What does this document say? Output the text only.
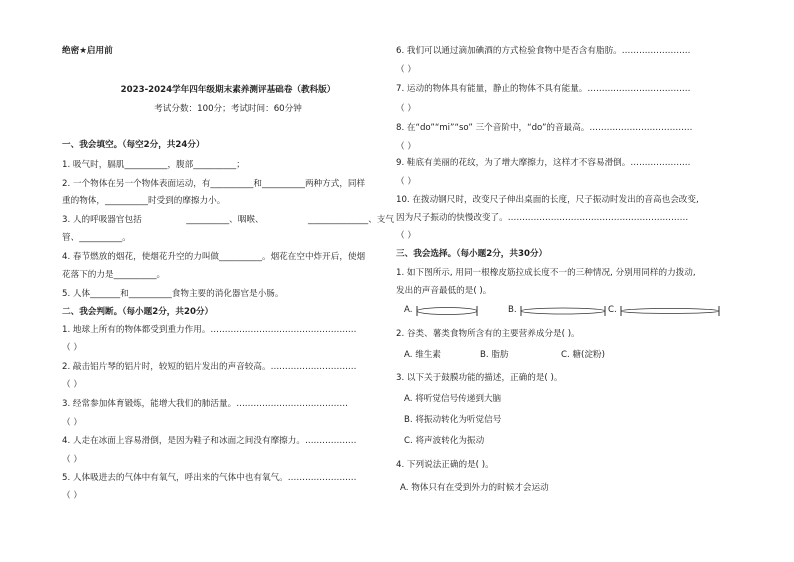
绝密★启用前
2023-2024学年四年级期末素养测评基础卷（教科版）
考试分数：100分；考试时间：60分钟
一、我会填空。（每空2分，共24分）
1. 吸气时，膈肌__________，腹部__________；
2. 一个物体在另一个物体表面运动，有__________和__________两种方式，同样
重的物体，__________时受到的摩擦力小。
3. 人的呼吸器官包括	__________、咽喉、	______________、支气
管、__________。
4. 春节燃放的烟花，使烟花升空的力叫做__________。烟花在空中炸开后，使烟
花落下的力是__________。
5. 人体_______和__________食物主要的消化器官是小肠。
二、我会判断。（每小题2分，共20分）
1. 地球上所有的物体都受到重力作用。……………………………………………
（ ）
2. 敲击铝片琴的铝片时，较短的铝片发出的声音较高。…………………………
（ ）
3. 经常参加体育锻炼，能增大我们的肺活量。…………………………………
（ ）
4. 人走在冰面上容易滑倒，是因为鞋子和冰面之间没有摩擦力。………………
（ ）
5. 人体吸进去的气体中有氧气，呼出来的气体中也有氧气。……………………
（ ）
6. 我们可以通过滴加碘酒的方式检验食物中是否含有脂肪。……………………
（ ）
7. 运动的物体具有能量，静止的物体不具有能量。………………………………
（ ）
8. 在“do”“mi”“so” 三个音阶中，“do”的音最高。………………………………
（ ）
9. 鞋底有美丽的花纹，为了增大摩擦力，这样才不容易滑倒。…………………
（ ）
10. 在拨动钢尺时，改变尺子伸出桌面的长度，尺子振动时发出的音高也会改变,
因为尺子振动的快慢改变了。………………………………………………………
（ ）
三、我会选择。（每小题2分，共30分）
1. 如下图所示, 用同一根橡皮筋拉成长度不一的三种情况, 分别用同样的力拨动,
发出的声音最低的是( )。
A.	B.	C.
2. 谷类、薯类食物所含有的主要营养成分是( )。
A. 维生素	B. 脂肪	C. 糖(淀粉)
3. 以下关于鼓膜功能的描述，正确的是( )。
A. 将听觉信号传递到大脑
B. 将振动转化为听觉信号
C. 将声波转化为振动
4. 下列说法正确的是( )。
A. 物体只有在受到外力的时候才会运动
